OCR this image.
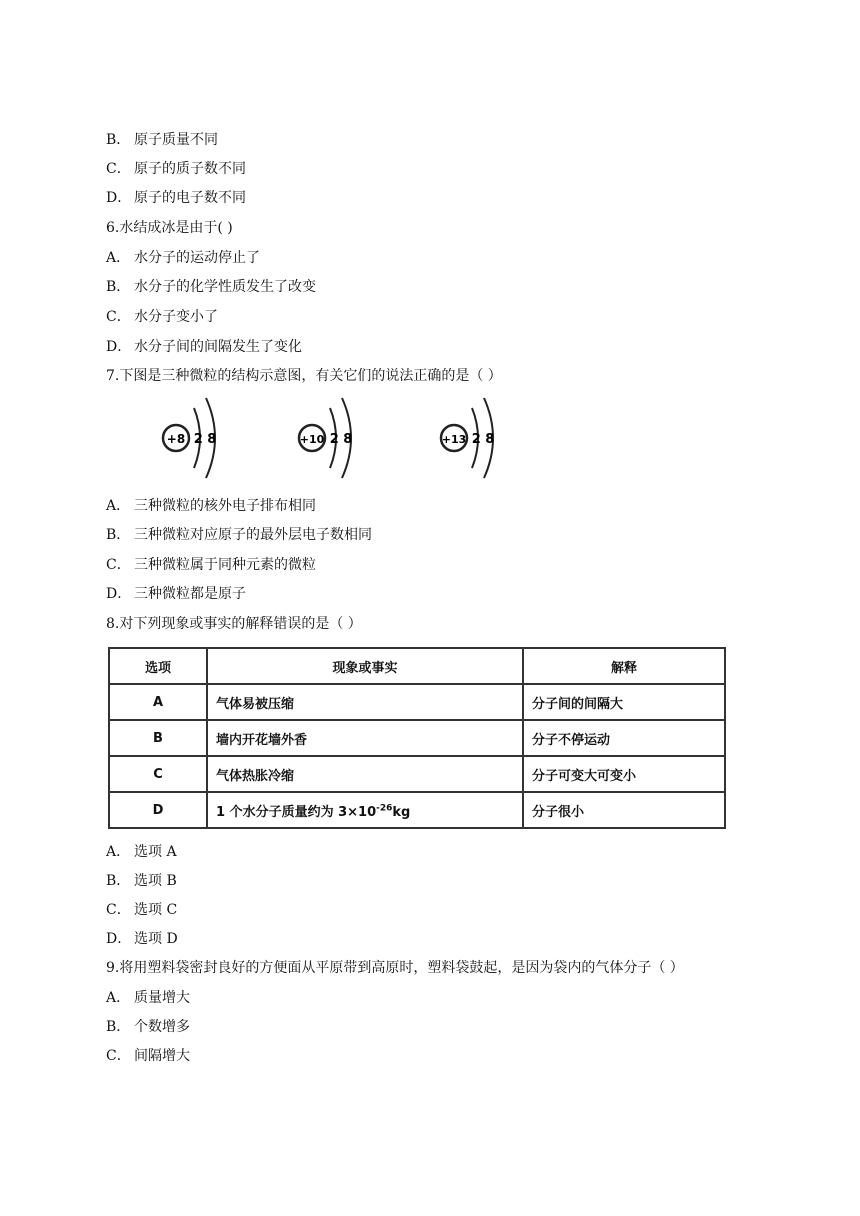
B． 原子质量不同
C． 原子的质子数不同
D． 原子的电子数不同
6.水结成冰是由于( )
A． 水分子的运动停止了
B． 水分子的化学性质发生了改变
C． 水分子变小了
D． 水分子间的间隔发生了变化
7.下图是三种微粒的结构示意图，有关它们的说法正确的是（ ）
+8 2 8	+10 2 8	+13 2 8
A． 三种微粒的核外电子排布相同
B． 三种微粒对应原子的最外层电子数相同
C． 三种微粒属于同种元素的微粒
D． 三种微粒都是原子
8.对下列现象或事实的解释错误的是（ ）
选项	现象或事实	解释
A	气体易被压缩	分子间的间隔大
B	墙内开花墙外香	分子不停运动
C	气体热胀冷缩	分子可变大可变小
D	1 个水分子质量约为 $3\times 10^{-26}kg$	分子很小
A． 选项 A
B． 选项 B
C． 选项 C
D． 选项 D
9.将用塑料袋密封良好的方便面从平原带到高原时，塑料袋鼓起，是因为袋内的气体分子（ ）
A． 质量增大
B． 个数增多
C． 间隔增大
